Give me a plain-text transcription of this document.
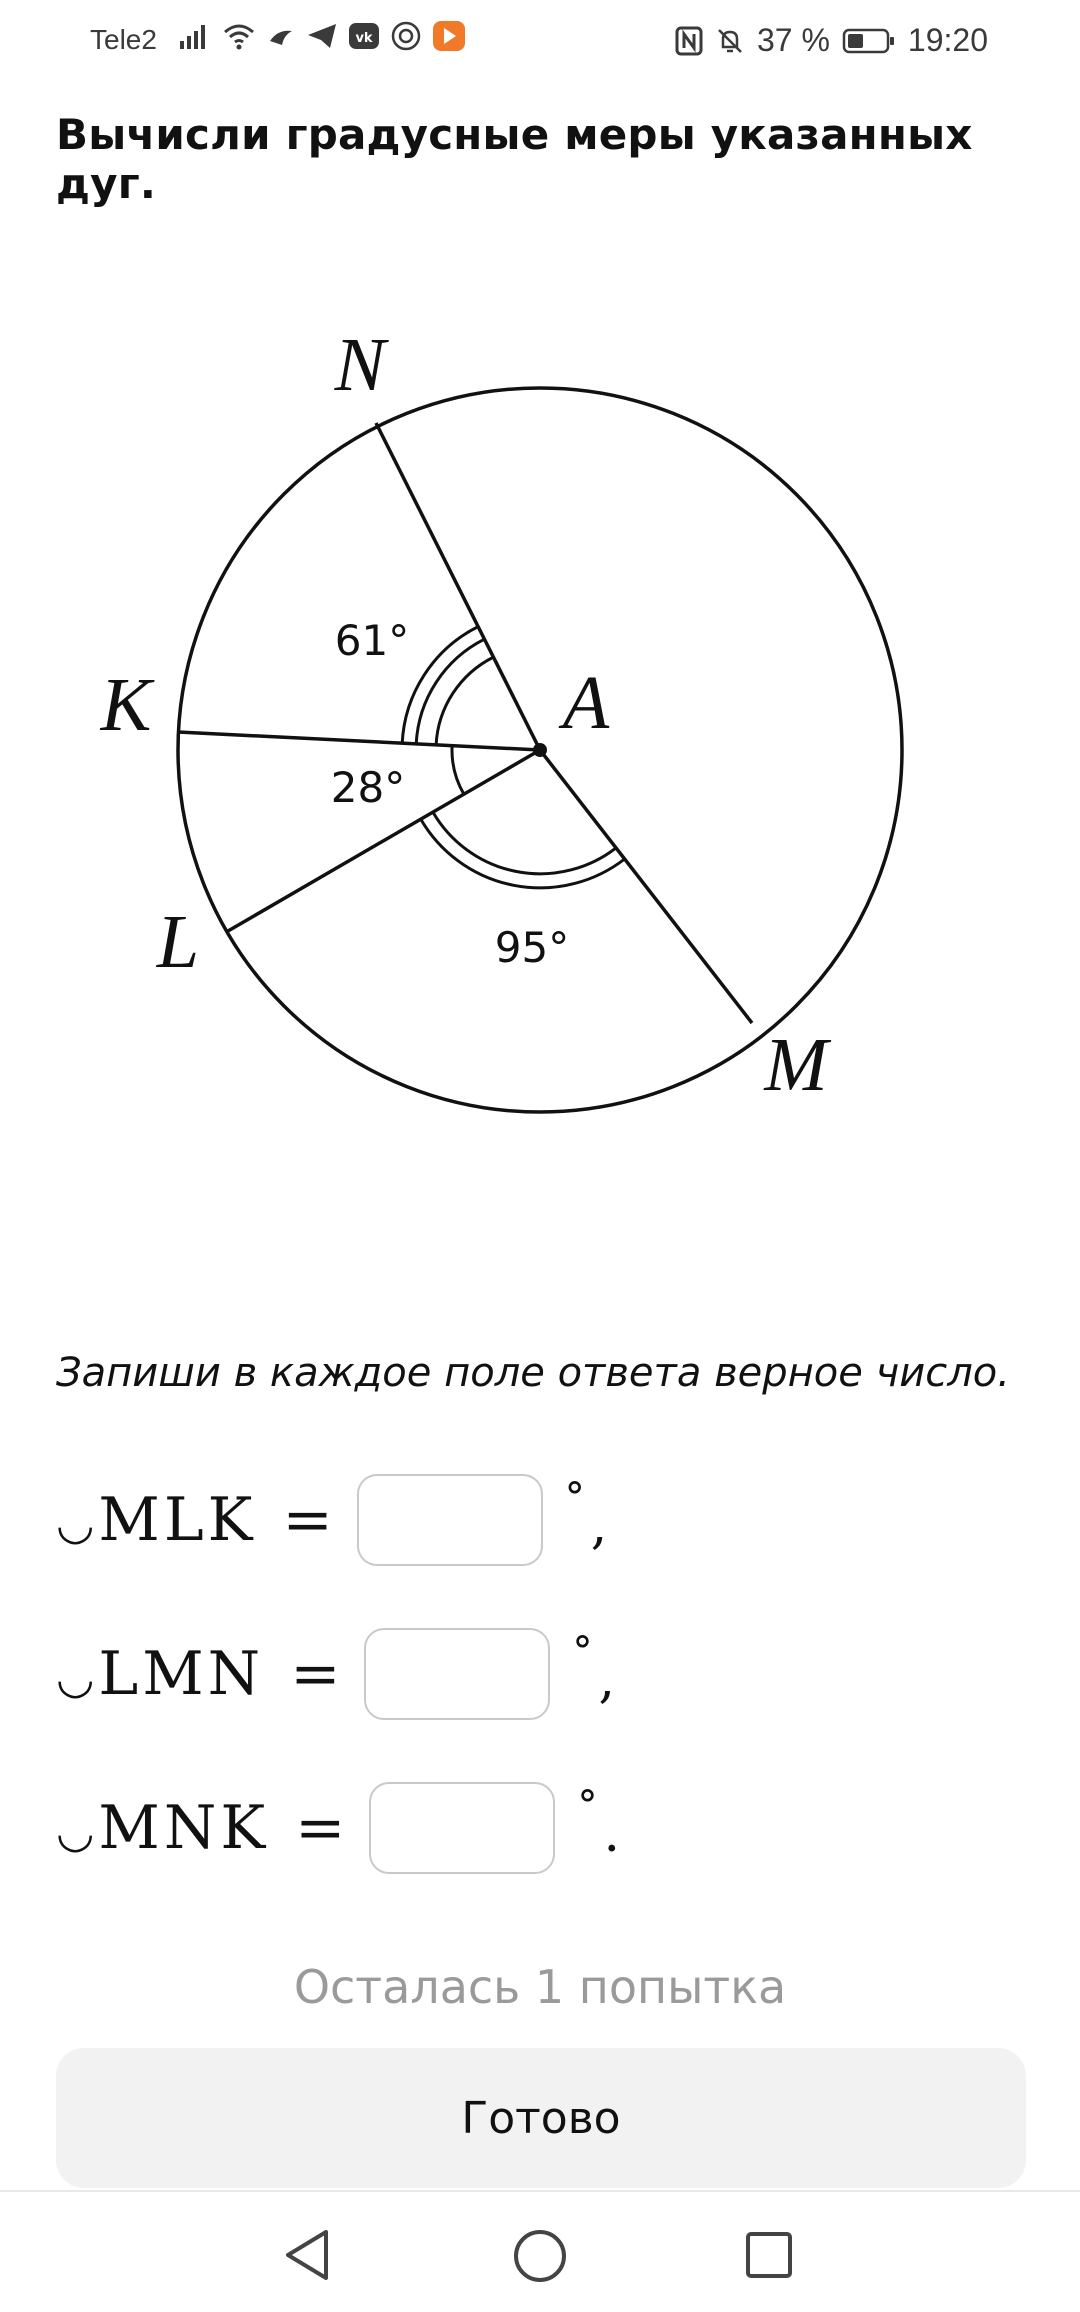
Tele2	vk	37 % 19:20
Вычисли градусные меры указанных дуг.
N
K
L
M
A
61°
28°
95°
Запиши в каждое поле ответа верное число.
◡ MLK =	° ,
◡ LMN =	° ,
◡ MNK =	° .
Осталась 1 попытка
Готово
